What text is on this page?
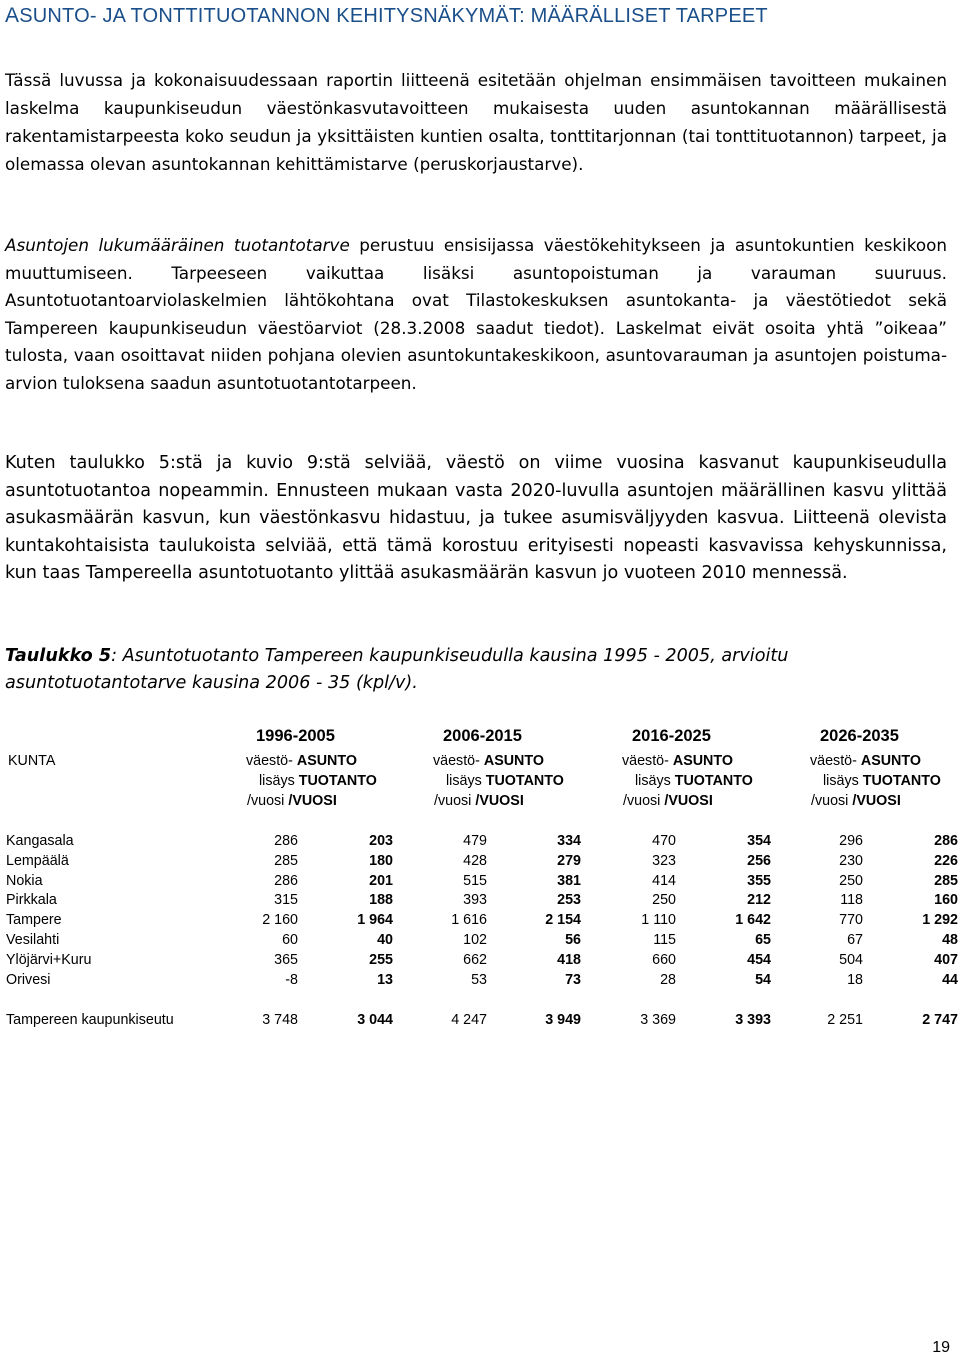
ASUNTO- JA TONTTITUOTANNON KEHITYSNÄKYMÄT: MÄÄRÄLLISET TARPEET

Tässä luvussa ja kokonaisuudessaan raportin liitteenä esitetään ohjelman ensimmäisen tavoitteen mukainen laskelma kaupunkiseudun väestönkasvutavoitteen mukaisesta uuden asuntokannan määrällisestä rakentamistarpeesta koko seudun ja yksittäisten kuntien osalta, tonttitarjonnan (tai tonttituotannon) tarpeet, ja olemassa olevan asuntokannan kehittämistarve (peruskorjaustarve).

Asuntojen lukumääräinen tuotantotarve perustuu ensisijassa väestökehitykseen ja asuntokuntien keskikoon muuttumiseen. Tarpeeseen vaikuttaa lisäksi asuntopoistuman ja varauman suuruus. Asuntotuotantoarviolaskelmien lähtökohtana ovat Tilastokeskuksen asuntokanta- ja väestötiedot sekä Tampereen kaupunkiseudun väestöarviot (28.3.2008 saadut tiedot). Laskelmat eivät osoita yhtä ”oikeaa” tulosta, vaan osoittavat niiden pohjana olevien asuntokuntakeskikoon, asuntovarauman ja asuntojen poistuma-arvion tuloksena saadun asuntotuotantotarpeen.

Kuten taulukko 5:stä ja kuvio 9:stä selviää, väestö on viime vuosina kasvanut kaupunkiseudulla asuntotuotantoa nopeammin. Ennusteen mukaan vasta 2020-luvulla asuntojen määrällinen kasvu ylittää asukasmäärän kasvun, kun väestönkasvu hidastuu, ja tukee asumisväljyyden kasvua. Liitteenä olevista kuntakohtaisista taulukoista selviää, että tämä korostuu erityisesti nopeasti kasvavissa kehyskunnissa, kun taas Tampereella asuntotuotanto ylittää asukasmäärän kasvun jo vuoteen 2010 mennessä.

Taulukko 5: Asuntotuotanto Tampereen kaupunkiseudulla kausina 1995 - 2005, arvioitu asuntotuotantotarve kausina 2006 - 35 (kpl/v).

KUNTA
1996-2005
väestö- ASUNTO
lisäys TUOTANTO
/vuosi /VUOSI
2006-2015
väestö- ASUNTO
lisäys TUOTANTO
/vuosi /VUOSI
2016-2025
väestö- ASUNTO
lisäys TUOTANTO
/vuosi /VUOSI
2026-2035
väestö- ASUNTO
lisäys TUOTANTO
/vuosi /VUOSI
Kangasala	286	203	479	334	470	354	296	286
Lempäälä	285	180	428	279	323	256	230	226
Nokia	286	201	515	381	414	355	250	285
Pirkkala	315	188	393	253	250	212	118	160
Tampere	2 160	1 964	1 616	2 154	1 110	1 642	770	1 292
Vesilahti	60	40	102	56	115	65	67	48
Ylöjärvi+Kuru	365	255	662	418	660	454	504	407
Orivesi	-8	13	53	73	28	54	18	44
Tampereen kaupunkiseutu	3 748	3 044	4 247	3 949	3 369	3 393	2 251	2 747
19
